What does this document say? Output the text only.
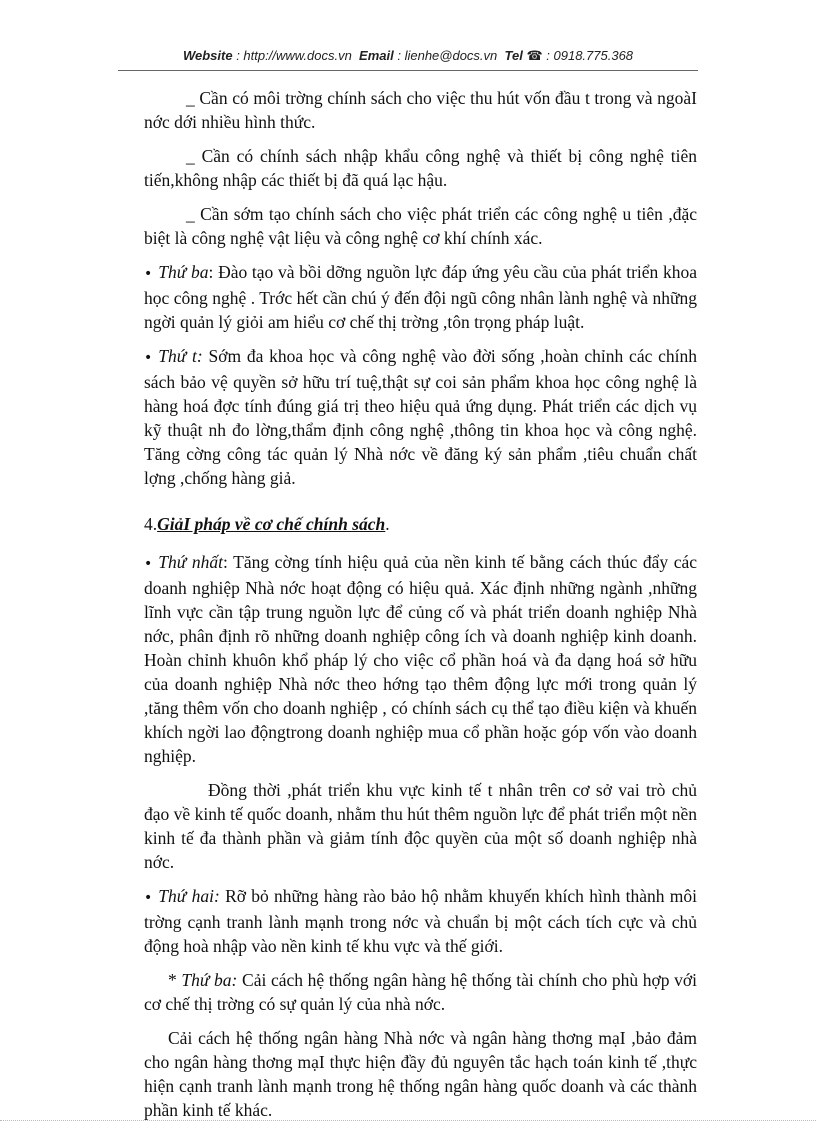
Website : http://www.docs.vn Email : lienhe@docs.vn Tel ☎ : 0918.775.368

_ Cần có môi trờng chính sách cho việc thu hút vốn đầu t trong và ngoàI nớc dới nhiều hình thức.

_ Cần có chính sách nhập khẩu công nghệ và thiết bị công nghệ tiên tiến,không nhập các thiết bị đã quá lạc hậu.

_ Cần sớm tạo chính sách cho việc phát triển các công nghệ u tiên ,đặc biệt là công nghệ vật liệu và công nghệ cơ khí chính xác.

• Thứ ba: Đào tạo và bồi dỡng nguồn lực đáp ứng yêu cầu của phát triển khoa học công nghệ . Trớc hết cần chú ý đến đội ngũ công nhân lành nghệ và những ngời quản lý giỏi am hiểu cơ chế thị trờng ,tôn trọng pháp luật.

• Thứ t: Sớm đa khoa học và công nghệ vào đời sống ,hoàn chỉnh các chính sách bảo vệ quyền sở hữu trí tuệ,thật sự coi sản phẩm khoa học công nghệ là hàng hoá đợc tính đúng giá trị theo hiệu quả ứng dụng. Phát triển các dịch vụ kỹ thuật nh đo lờng,thẩm định công nghệ ,thông tin khoa học và công nghệ. Tăng cờng công tác quản lý Nhà nớc về đăng ký sản phẩm ,tiêu chuẩn chất lợng ,chống hàng giả.

4.GiảI pháp về cơ chế chính sách.

• Thứ nhất: Tăng cờng tính hiệu quả của nền kinh tế bằng cách thúc đẩy các doanh nghiệp Nhà nớc hoạt động có hiệu quả. Xác định những ngành ,những lĩnh vực cần tập trung nguồn lực để củng cố và phát triển doanh nghiệp Nhà nớc, phân định rõ những doanh nghiệp công ích và doanh nghiệp kinh doanh. Hoàn chỉnh khuôn khổ pháp lý cho việc cổ phần hoá và đa dạng hoá sở hữu của doanh nghiệp Nhà nớc theo hớng tạo thêm động lực mới trong quản lý ,tăng thêm vốn cho doanh nghiệp , có chính sách cụ thể tạo điều kiện và khuến khích ngời lao độngtrong doanh nghiệp mua cổ phần hoặc góp vốn vào doanh nghiệp.

Đồng thời ,phát triển khu vực kinh tế t nhân trên cơ sở vai trò chủ đạo về kinh tế quốc doanh, nhằm thu hút thêm nguồn lực để phát triển một nền kinh tế đa thành phần và giảm tính độc quyền của một số doanh nghiệp nhà nớc.

• Thứ hai: Rỡ bỏ những hàng rào bảo hộ nhằm khuyến khích hình thành môi trờng cạnh tranh lành mạnh trong nớc và chuẩn bị một cách tích cực và chủ động hoà nhập vào nền kinh tế khu vực và thế giới.

* Thứ ba: Cải cách hệ thống ngân hàng hệ thống tài chính cho phù hợp với cơ chế thị trờng có sự quản lý của nhà nớc.

Cải cách hệ thống ngân hàng Nhà nớc và ngân hàng thơng mạI ,bảo đảm cho ngân hàng thơng mạI thực hiện đầy đủ nguyên tắc hạch toán kinh tế ,thực hiện cạnh tranh lành mạnh trong hệ thống ngân hàng quốc doanh và các thành phần kinh tế khác.
